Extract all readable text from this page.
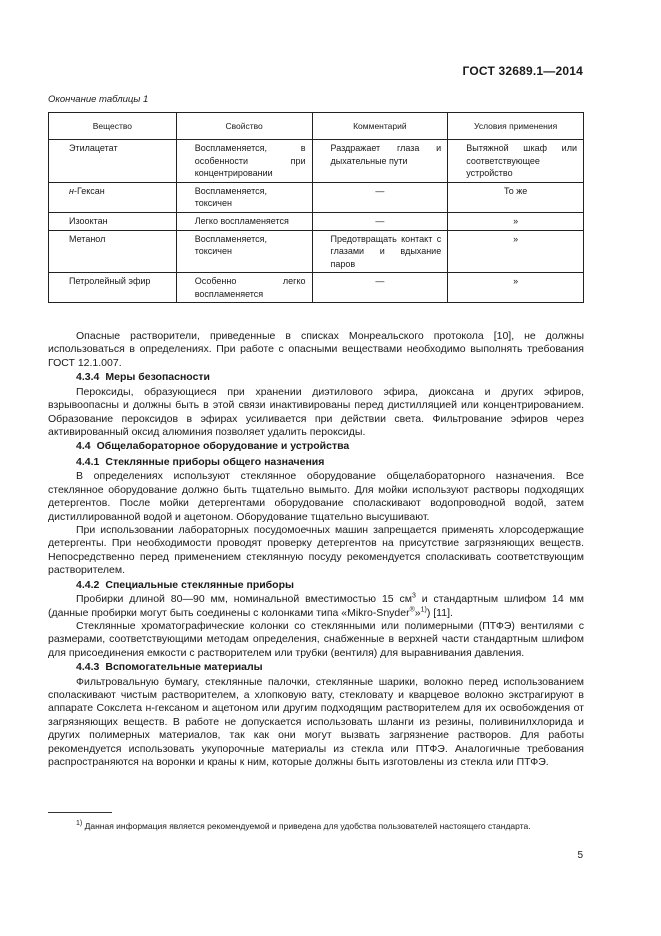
ГОСТ 32689.1—2014
Окончание таблицы 1
Вещество	Свойство	Комментарий	Условия применения
Этилацетат	Воспламеняется, в особенности при концентрировании	Раздражает глаза и дыхательные пути	Вытяжной шкаф или соответствующее устройство
н-Гексан	Воспламеняется, токсичен	—	То же
Изооктан	Легко воспламеняется	—	»
Метанол	Воспламеняется, токсичен	Предотвращать контакт с глазами и вдыхание паров	»
Петролейный эфир	Особенно легко воспламеняется	—	»

Опасные растворители, приведенные в списках Монреальского протокола [10], не должны использоваться в определениях. При работе с опасными веществами необходимо выполнять требования ГОСТ 12.1.007.

4.3.4 Меры безопасности

Пероксиды, образующиеся при хранении диэтилового эфира, диоксана и других эфиров, взрывоопасны и должны быть в этой связи инактивированы перед дистилляцией или концентрированием. Образование пероксидов в эфирах усиливается при действии света. Фильтрование эфиров через активированный оксид алюминия позволяет удалить пероксиды.

4.4 Общелабораторное оборудование и устройства
4.4.1 Стеклянные приборы общего назначения

В определениях используют стеклянное оборудование общелабораторного назначения. Все стеклянное оборудование должно быть тщательно вымыто. Для мойки используют растворы подходящих детергентов. После мойки детергентами оборудование споласкивают водопроводной водой, затем дистиллированной водой и ацетоном. Оборудование тщательно высушивают.

При использовании лабораторных посудомоечных машин запрещается применять хлорсодержащие детергенты. При необходимости проводят проверку детергентов на присутствие загрязняющих веществ. Непосредственно перед применением стеклянную посуду рекомендуется споласкивать соответствующим растворителем.

4.4.2 Специальные стеклянные приборы

Пробирки длиной 80—90 мм, номинальной вместимостью 15 $см^3$ и стандартным шлифом 14 мм (данные пробирки могут быть соединены с колонками типа «Mikro-Snyder®»$^{1)}$) [11].

Стеклянные хроматографические колонки со стеклянными или полимерными (ПТФЭ) вентилями с размерами, соответствующими методам определения, снабженные в верхней части стандартным шлифом для присоединения емкости с растворителем или трубки (вентиля) для выравнивания давления.

4.4.3 Вспомогательные материалы

Фильтровальную бумагу, стеклянные палочки, стеклянные шарики, волокно перед использованием споласкивают чистым растворителем, а хлопковую вату, стекловату и кварцевое волокно экстрагируют в аппарате Сокслета н-гексаном и ацетоном или другим подходящим растворителем для их освобождения от загрязняющих веществ. В работе не допускается использовать шланги из резины, поливинилхлорида и других полимерных материалов, так как они могут вызвать загрязнение растворов. Для работы рекомендуется использовать укупорочные материалы из стекла или ПТФЭ. Аналогичные требования распространяются на воронки и краны к ним, которые должны быть изготовлены из стекла или ПТФЭ.

$^{1)}$ Данная информация является рекомендуемой и приведена для удобства пользователей настоящего стандарта.

5
